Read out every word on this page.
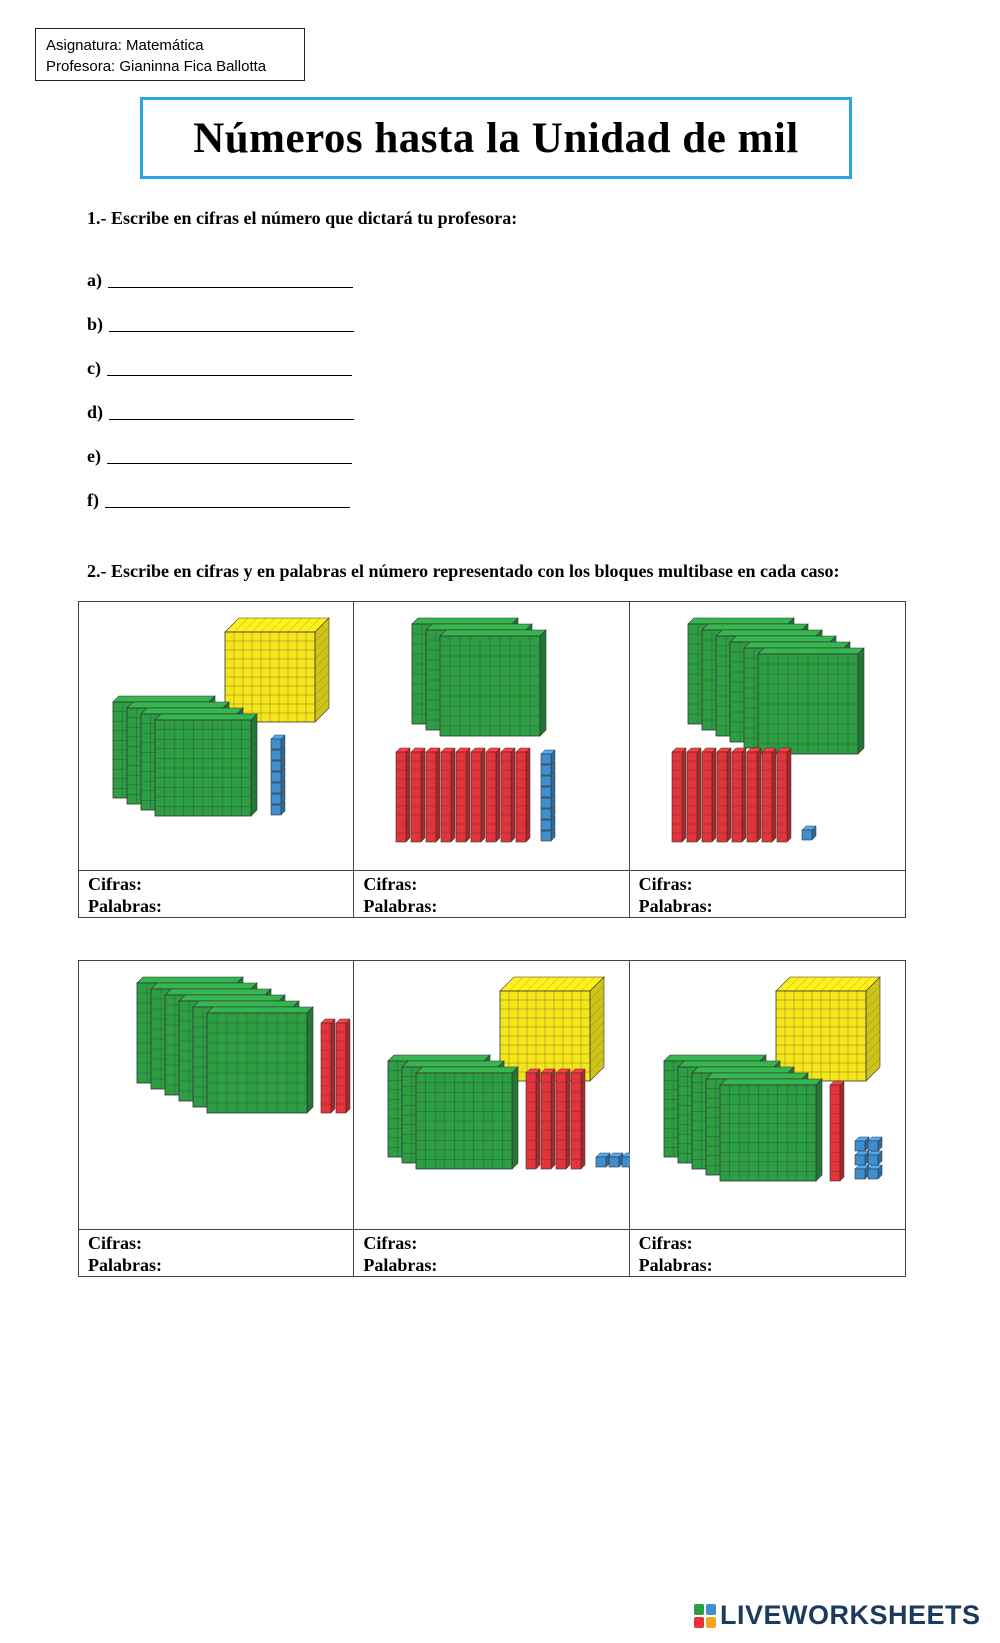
Asignatura: Matemática
Profesora: Gianinna Fica Ballotta
Números hasta la Unidad de mil
1.- Escribe en cifras el número que dictará tu profesora:
a)
b)
c)
d)
e)
f)
2.- Escribe en cifras y en palabras el número representado con los bloques multibase en cada caso:
Cifras:
Palabras:
Cifras:
Palabras:
Cifras:
Palabras:
Cifras:
Palabras:
Cifras:
Palabras:
Cifras:
Palabras:
LIVEWORKSHEETS
